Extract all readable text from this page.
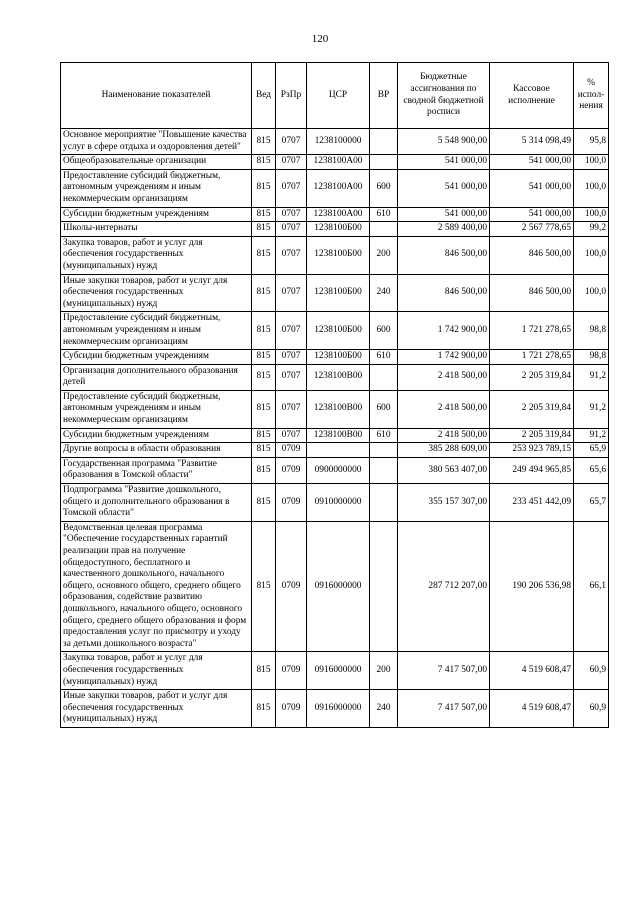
120
Наименование показателей	Вед	РзПр	ЦСР	ВР	Бюджетные ассигнования по сводной бюджетной росписи	Кассовое исполнение	% испол-нения
Основное мероприятие "Повышение качества услуг в сфере отдыха и оздоровления детей"	815	0707	1238100000		5 548 900,00	5 314 098,49	95,8
Общеобразовательные организации	815	0707	1238100А00		541 000,00	541 000,00	100,0
Предоставление субсидий бюджетным, автономным учреждениям и иным некоммерческим организациям	815	0707	1238100А00	600	541 000,00	541 000,00	100,0
Субсидии бюджетным учреждениям	815	0707	1238100А00	610	541 000,00	541 000,00	100,0
Школы-интернаты	815	0707	1238100Б00		2 589 400,00	2 567 778,65	99,2
Закупка товаров, работ и услуг для обеспечения государственных (муниципальных) нужд	815	0707	1238100Б00	200	846 500,00	846 500,00	100,0
Иные закупки товаров, работ и услуг для обеспечения государственных (муниципальных) нужд	815	0707	1238100Б00	240	846 500,00	846 500,00	100,0
Предоставление субсидий бюджетным, автономным учреждениям и иным некоммерческим организациям	815	0707	1238100Б00	600	1 742 900,00	1 721 278,65	98,8
Субсидии бюджетным учреждениям	815	0707	1238100Б00	610	1 742 900,00	1 721 278,65	98,8
Организация дополнительного образования детей	815	0707	1238100В00		2 418 500,00	2 205 319,84	91,2
Предоставление субсидий бюджетным, автономным учреждениям и иным некоммерческим организациям	815	0707	1238100В00	600	2 418 500,00	2 205 319,84	91,2
Субсидии бюджетным учреждениям	815	0707	1238100В00	610	2 418 500,00	2 205 319,84	91,2
Другие вопросы в области образования	815	0709			385 288 609,00	253 923 789,15	65,9
Государственная программа "Развитие образования в Томской области"	815	0709	0900000000		380 563 407,00	249 494 965,85	65,6
Подпрограмма "Развитие дошкольного, общего и дополнительного образования в Томской области"	815	0709	0910000000		355 157 307,00	233 451 442,09	65,7
Ведомственная целевая программа "Обеспечение государственных гарантий реализации прав на получение общедоступного, бесплатного и качественного дошкольного, начального общего, основного общего, среднего общего образования, содействие развитию дошкольного, начального общего, основного общего, среднего общего образования и форм предоставления услуг по присмотру и уходу за детьми дошкольного возраста"	815	0709	0916000000		287 712 207,00	190 206 536,98	66,1
Закупка товаров, работ и услуг для обеспечения государственных (муниципальных) нужд	815	0709	0916000000	200	7 417 507,00	4 519 608,47	60,9
Иные закупки товаров, работ и услуг для обеспечения государственных (муниципальных) нужд	815	0709	0916000000	240	7 417 507,00	4 519 608,47	60,9
